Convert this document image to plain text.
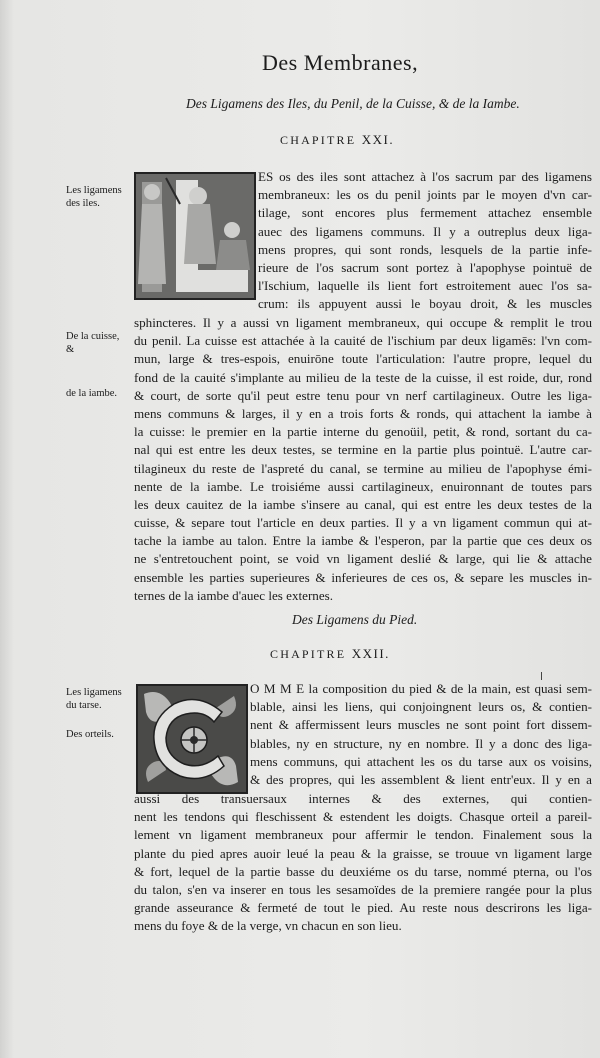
Des Membranes,
Des Ligamens des Iles, du Penil, de la Cuisse, & de la Iambe.
CHAPITRE XXI.
Les ligamens des iles.
De la cuisse, &
de la iambe.
ES os des iles sont attachez à l'os sacrum par des ligamens
membraneux: les os du penil joints par le moyen d'vn car-
tilage, sont encores plus fermement attachez ensemble
auec des ligamens communs. Il y a outreplus deux liga-
mens propres, qui sont ronds, lesquels de la partie infe-
rieure de l'os sacrum sont portez à l'apophyse pointuë de
l'Ischium, laquelle ils lient fort estroitement auec l'os sa-
crum: ils appuyent aussi le boyau droit, & les muscles
sphincteres. Il y a aussi vn ligament membraneux, qui occupe & remplit le trou
du penil. La cuisse est attachée à la cauité de l'ischium par deux ligamēs: l'vn com-
mun, large & tres-espois, enuirōne toute l'articulation: l'autre propre, lequel du
fond de la cauité s'implante au milieu de la teste de la cuisse, il est roide, dur, rond
& court, de sorte qu'il peut estre tenu pour vn nerf cartilagineux. Outre les liga-
mens communs & larges, il y en a trois forts & ronds, qui attachent la iambe à
la cuisse: le premier en la partie interne du genoüil, petit, & rond, sortant du ca-
nal qui est entre les deux testes, se termine en la partie plus pointuë. L'autre car-
tilagineux du reste de l'aspreté du canal, se termine au milieu de l'apophyse émi-
nente de la iambe. Le troisiéme aussi cartilagineux, enuironnant de toutes pars
les deux cauitez de la iambe s'insere au canal, qui est entre les deux testes de la
cuisse, & separe tout l'article en deux parties. Il y a vn ligament commun qui at-
tache la iambe au talon. Entre la iambe & l'esperon, par la partie que ces deux os
ne s'entretouchent point, se void vn ligament deslié & large, qui lie & attache
ensemble les parties superieures & inferieures de ces os, & separe les muscles in-
ternes de la iambe d'auec les externes.
Des Ligamens du Pied.
CHAPITRE XXII.
Les ligamens du tarse.
Des orteils.
O M M E la composition du pied & de la main, est quasi sem-
blable, ainsi les liens, qui conjoingnent leurs os, & contien-
nent & affermissent leurs muscles ne sont point fort dissem-
blables, ny en structure, ny en nombre. Il y a donc des liga-
mens communs, qui attachent les os du tarse aux os voisins,
& des propres, qui les assemblent & lient entr'eux. Il y en a
aussi des transuersaux internes & des externes, qui contien-
nent les tendons qui fleschissent & estendent les doigts. Chasque orteil a pareil-
lement vn ligament membraneux pour affermir le tendon. Finalement sous la
plante du pied apres auoir leué la peau & la graisse, se trouue vn ligament large
& fort, lequel de la partie basse du deuxiéme os du tarse, nommé pterna, ou l'os
du talon, s'en va inserer en tous les sesamoïdes de la premiere rangée pour la plus
grande asseurance & fermeté de tout le pied. Au reste nous descrirons les liga-
mens du foye & de la verge, vn chacun en son lieu.
